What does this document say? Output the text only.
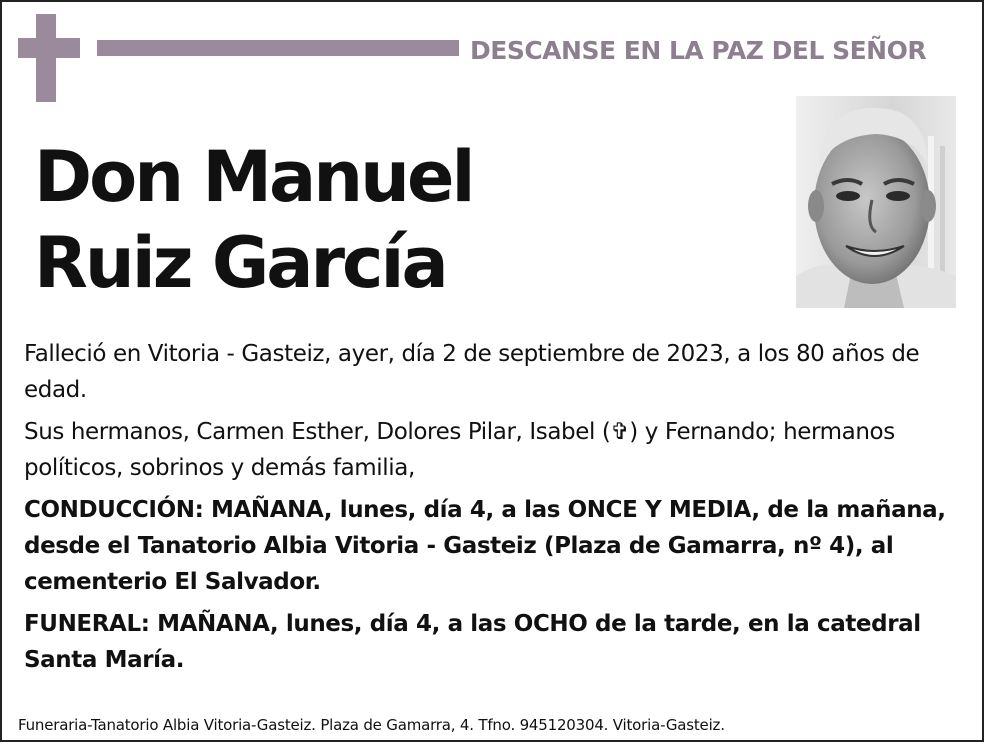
DESCANSE EN LA PAZ DEL SEÑOR
Don Manuel
Ruiz García

Falleció en Vitoria - Gasteiz, ayer, día 2 de septiembre de 2023, a los 80 años de edad.

Sus hermanos, Carmen Esther, Dolores Pilar, Isabel (✞) y Fernando; hermanos políticos, sobrinos y demás familia,

CONDUCCIÓN: MAÑANA, lunes, día 4, a las ONCE Y MEDIA, de la mañana, desde el Tanatorio Albia Vitoria - Gasteiz (Plaza de Gamarra, nº 4), al cementerio El Salvador.

FUNERAL: MAÑANA, lunes, día 4, a las OCHO de la tarde, en la catedral Santa María.

Funeraria-Tanatorio Albia Vitoria-Gasteiz. Plaza de Gamarra, 4. Tfno. 945120304. Vitoria-Gasteiz.
